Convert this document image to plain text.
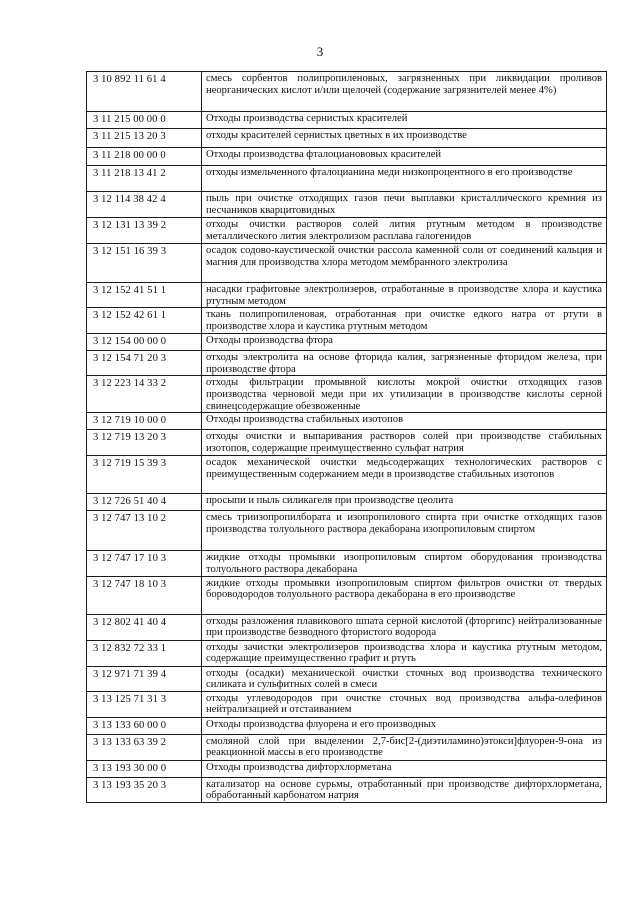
3
3 10 892 11 61 4	смесь сорбентов полипропиленовых, загрязненных при ликвидации проливов неорганических кислот и/или щелочей (содержание загрязнителей менее 4%)
3 11 215 00 00 0	Отходы производства сернистых красителей
3 11 215 13 20 3	отходы красителей сернистых цветных в их производстве
3 11 218 00 00 0	Отходы производства фталоцианововых красителей
3 11 218 13 41 2	отходы измельченного фталоцианина меди низкопроцентного в его производстве
3 12 114 38 42 4	пыль при очистке отходящих газов печи выплавки кристаллического кремния из песчаников кварцитовидных
3 12 131 13 39 2	отходы очистки растворов солей лития ртутным методом в производстве металлического лития электролизом расплава галогенидов
3 12 151 16 39 3	осадок содово-каустической очистки рассола каменной соли от соединений кальция и магния для производства хлора методом мембранного электролиза
3 12 152 41 51 1	насадки графитовые электролизеров, отработанные в производстве хлора и каустика ртутным методом
3 12 152 42 61 1	ткань полипропиленовая, отработанная при очистке едкого натра от ртути в производстве хлора и каустика ртутным методом
3 12 154 00 00 0	Отходы производства фтора
3 12 154 71 20 3	отходы электролита на основе фторида калия, загрязненные фторидом железа, при производстве фтора
3 12 223 14 33 2	отходы фильтрации промывной кислоты мокрой очистки отходящих газов производства черновой меди при их утилизации в производстве кислоты серной свинецсодержащие обезвоженные
3 12 719 10 00 0	Отходы производства стабильных изотопов
3 12 719 13 20 3	отходы очистки и выпаривания растворов солей при производстве стабильных изотопов, содержащие преимущественно сульфат натрия
3 12 719 15 39 3	осадок механической очистки медьсодержащих технологических растворов с преимущественным содержанием меди в производстве стабильных изотопов
3 12 726 51 40 4	просыпи и пыль силикагеля при производстве цеолита
3 12 747 13 10 2	смесь триизопропилбората и изопропилового спирта при очистке отходящих газов производства толуольного раствора декаборана изопропиловым спиртом
3 12 747 17 10 3	жидкие отходы промывки изопропиловым спиртом оборудования производства толуольного раствора декаборана
3 12 747 18 10 3	жидкие отходы промывки изопропиловым спиртом фильтров очистки от твердых бороводородов толуольного раствора декаборана в его производстве
3 12 802 41 40 4	отходы разложения плавикового шпата серной кислотой (фторгипс) нейтрализованные при производстве безводного фтористого водорода
3 12 832 72 33 1	отходы зачистки электролизеров производства хлора и каустика ртутным методом, содержащие преимущественно графит и ртуть
3 12 971 71 39 4	отходы (осадки) механической очистки сточных вод производства технического силиката и сульфитных солей в смеси
3 13 125 71 31 3	отходы углеводородов при очистке сточных вод производства альфа-олефинов нейтрализацией и отстаиванием
3 13 133 60 00 0	Отходы производства флуорена и его производных
3 13 133 63 39 2	смоляной слой при выделении 2,7-бис[2-(диэтиламино)этокси]флуорен-9-она из реакционной массы в его производстве
3 13 193 30 00 0	Отходы производства дифторхлорметана
3 13 193 35 20 3	катализатор на основе сурьмы, отработанный при производстве дифторхлорметана, обработанный карбонатом натрия
